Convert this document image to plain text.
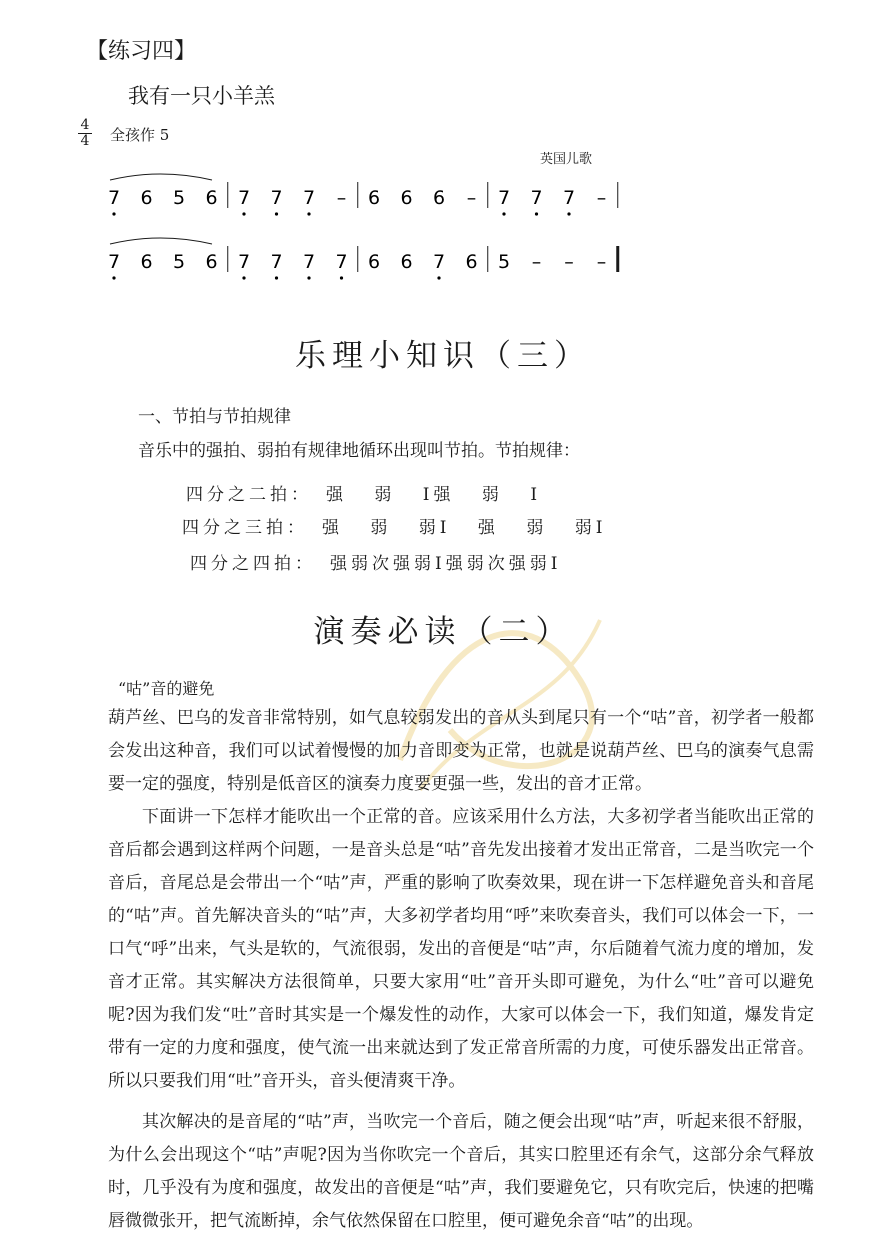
【练习四】
我有一只小羊羔
4
4 全孩作 5
英国儿歌
7 6 5 6 7 7 7 – 6 6 6 – 7 7 7 –
7 6 5 6 7 7 7 7 6 6 7 6 5 – – –
乐理小知识（三）
一、节拍与节拍规律
音乐中的强拍、弱拍有规律地循环出现叫节拍。节拍规律：
四分之二拍： 强 弱 I强 弱 I
四分之三拍： 强 弱 弱I 强 弱 弱I
四分之四拍： 强弱次强弱I强弱次强弱I
演奏必读（二）
“咕”音的避免

葫芦丝、巴乌的发音非常特别，如气息较弱发出的音从头到尾只有一个“咕”音，初学者一般都会发出这种音，我们可以试着慢慢的加力音即变为正常，也就是说葫芦丝、巴乌的演奏气息需要一定的强度，特别是低音区的演奏力度要更强一些，发出的音才正常。

下面讲一下怎样才能吹出一个正常的音。应该采用什么方法，大多初学者当能吹出正常的音后都会遇到这样两个问题，一是音头总是“咕”音先发出接着才发出正常音，二是当吹完一个音后，音尾总是会带出一个“咕”声，严重的影响了吹奏效果，现在讲一下怎样避免音头和音尾的“咕”声。首先解决音头的“咕”声，大多初学者均用“呼”来吹奏音头，我们可以体会一下，一口气“呼”出来，气头是软的，气流很弱，发出的音便是“咕”声，尔后随着气流力度的增加，发音才正常。其实解决方法很简单，只要大家用“吐”音开头即可避免，为什么“吐”音可以避免呢?因为我们发“吐”音时其实是一个爆发性的动作，大家可以体会一下，我们知道，爆发肯定带有一定的力度和强度，使气流一出来就达到了发正常音所需的力度，可使乐器发出正常音。所以只要我们用“吐”音开头，音头便清爽干净。

其次解决的是音尾的“咕”声，当吹完一个音后，随之便会出现“咕”声，听起来很不舒服，为什么会出现这个“咕”声呢?因为当你吹完一个音后，其实口腔里还有余气，这部分余气释放时，几乎没有为度和强度，故发出的音便是“咕”声，我们要避免它，只有吹完后，快速的把嘴唇微微张开，把气流断掉，余气依然保留在口腔里，便可避免余音“咕”的出现。
